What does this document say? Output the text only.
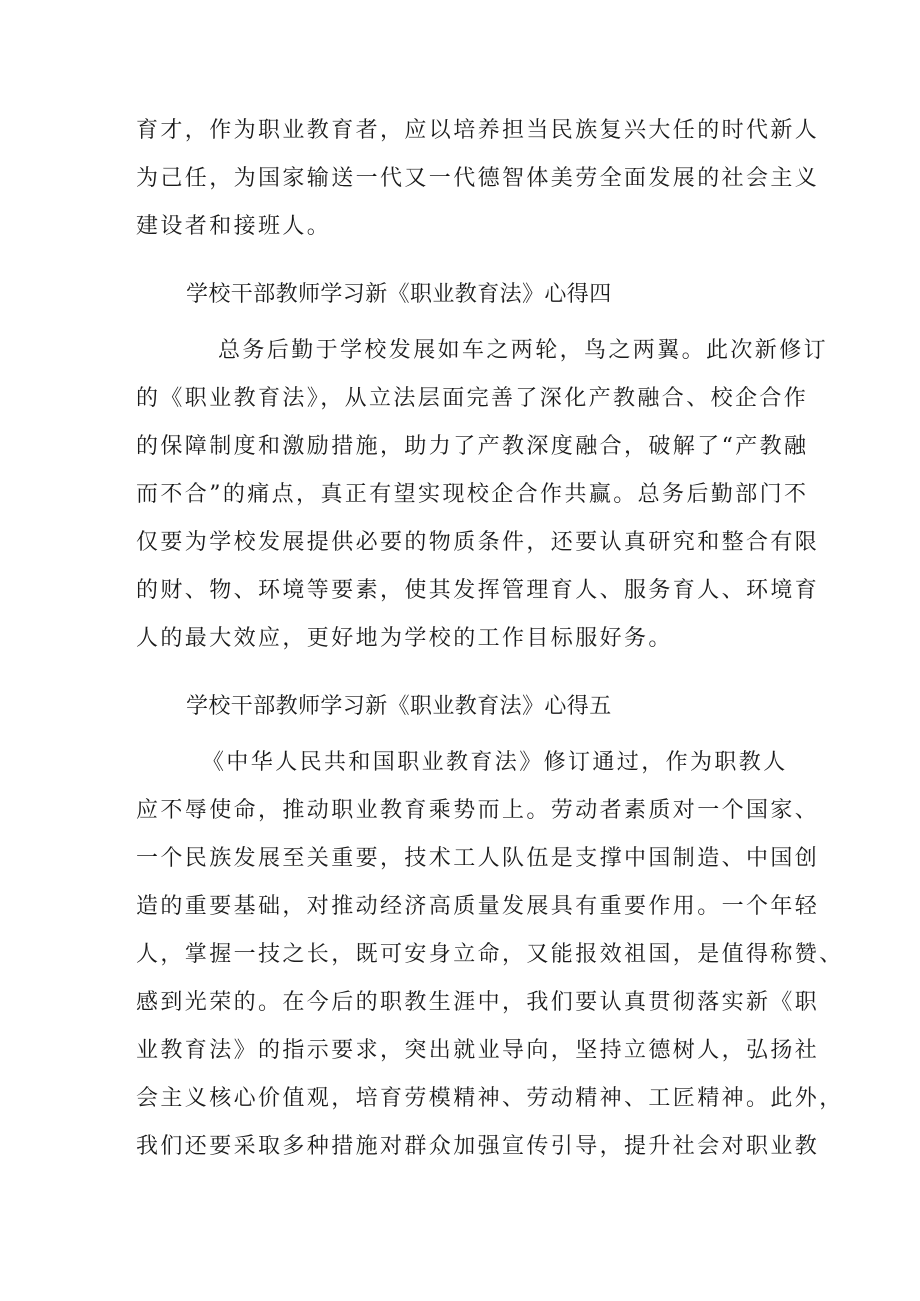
育才，作为职业教育者，应以培养担当民族复兴大任的时代新人
为己任，为国家输送一代又一代德智体美劳全面发展的社会主义
建设者和接班人。
学校干部教师学习新《职业教育法》心得四
总务后勤于学校发展如车之两轮，鸟之两翼。此次新修订
的《职业教育法》，从立法层面完善了深化产教融合、校企合作
的保障制度和激励措施，助力了产教深度融合，破解了“产教融
而不合”的痛点，真正有望实现校企合作共赢。总务后勤部门不
仅要为学校发展提供必要的物质条件，还要认真研究和整合有限
的财、物、环境等要素，使其发挥管理育人、服务育人、环境育
人的最大效应，更好地为学校的工作目标服好务。
学校干部教师学习新《职业教育法》心得五
《中华人民共和国职业教育法》修订通过，作为职教人
应不辱使命，推动职业教育乘势而上。劳动者素质对一个国家、
一个民族发展至关重要，技术工人队伍是支撑中国制造、中国创
造的重要基础，对推动经济高质量发展具有重要作用。一个年轻
人，掌握一技之长，既可安身立命，又能报效祖国，是值得称赞、
感到光荣的。在今后的职教生涯中，我们要认真贯彻落实新《职
业教育法》的指示要求，突出就业导向，坚持立德树人，弘扬社
会主义核心价值观，培育劳模精神、劳动精神、工匠精神。此外，
我们还要采取多种措施对群众加强宣传引导，提升社会对职业教
